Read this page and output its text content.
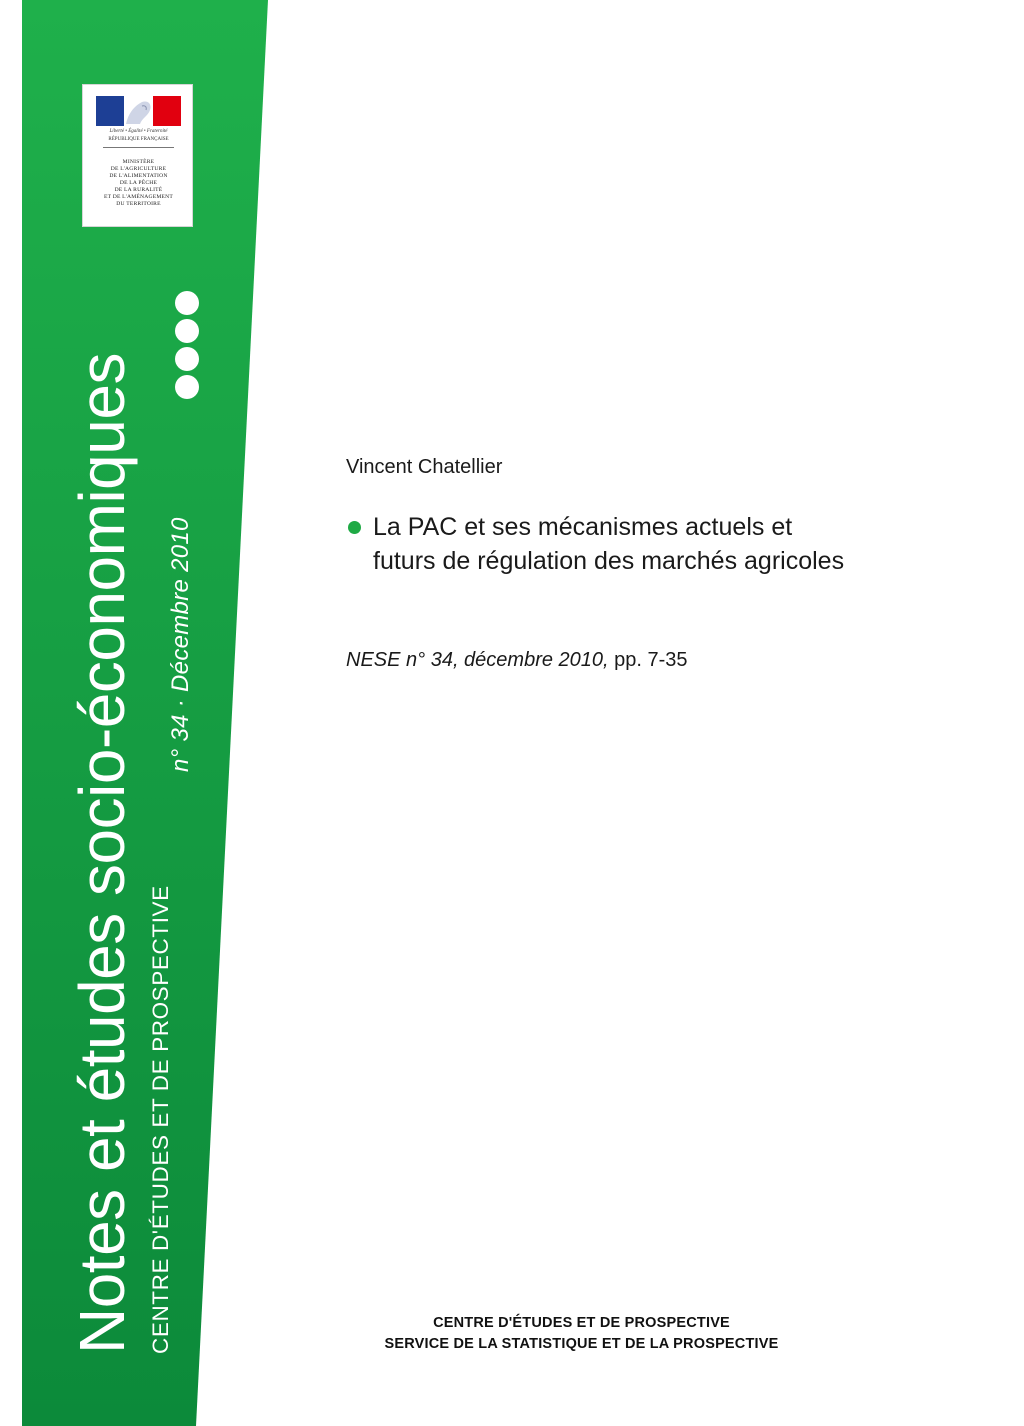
Liberté • Égalité • Fraternité
RÉPUBLIQUE FRANÇAISE
MINISTÈRE
DE L'AGRICULTURE
DE L'ALIMENTATION
DE LA PÊCHE
DE LA RURALITÉ
ET DE L'AMÉNAGEMENT
DU TERRITOIRE
Notes et études socio-économiques n° 34 · Décembre 2010
CENTRE D'ÉTUDES ET DE PROSPECTIVE
Vincent Chatellier
La PAC et ses mécanismes actuels et
futurs de régulation des marchés agricoles
NESE n° 34, décembre 2010, pp. 7-35
CENTRE D'ÉTUDES ET DE PROSPECTIVE
SERVICE DE LA STATISTIQUE ET DE LA PROSPECTIVE
